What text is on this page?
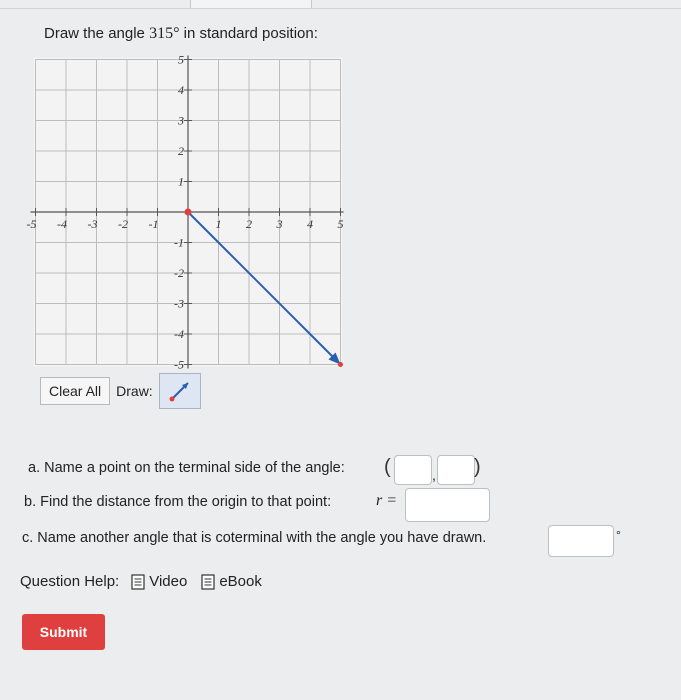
Draw the angle 315° in standard position:
-5 -4 -3 -2 -1	1 2 3 4 5
5
4
3
2
1
-1
-2
-3
-4
-5
Clear All	Draw:
a. Name a point on the terminal side of the angle: (	, )
b. Find the distance from the origin to that point:	r =
c. Name another angle that is coterminal with the angle you have drawn.	°
Question Help: Video eBook
Submit
